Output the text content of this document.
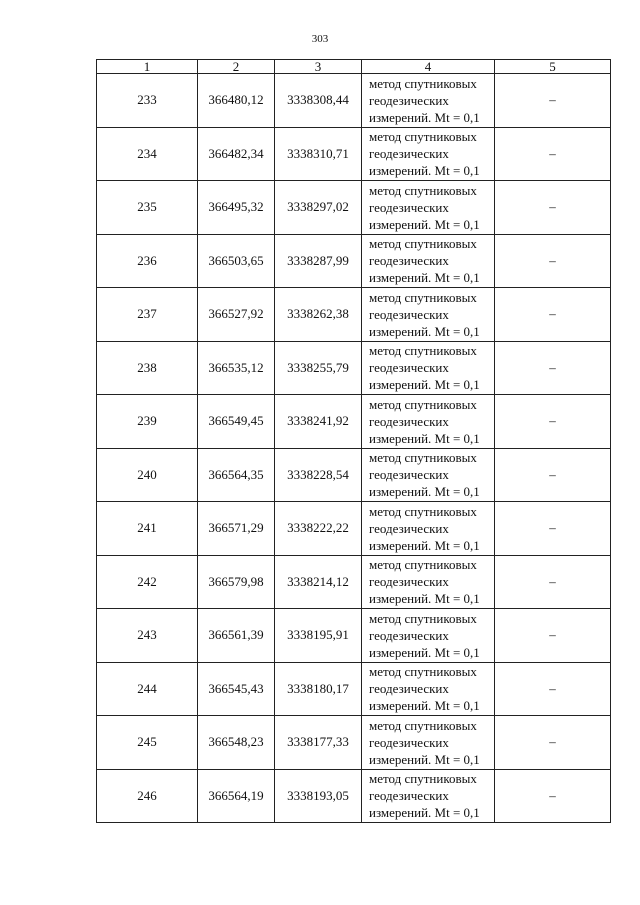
303
1	2	3	4	5
233	366480,12	3338308,44	метод спутниковых
геодезических
измерений. Mt = 0,1	–
234	366482,34	3338310,71	метод спутниковых
геодезических
измерений. Mt = 0,1	–
235	366495,32	3338297,02	метод спутниковых
геодезических
измерений. Mt = 0,1	–
236	366503,65	3338287,99	метод спутниковых
геодезических
измерений. Mt = 0,1	–
237	366527,92	3338262,38	метод спутниковых
геодезических
измерений. Mt = 0,1	–
238	366535,12	3338255,79	метод спутниковых
геодезических
измерений. Mt = 0,1	–
239	366549,45	3338241,92	метод спутниковых
геодезических
измерений. Mt = 0,1	–
240	366564,35	3338228,54	метод спутниковых
геодезических
измерений. Mt = 0,1	–
241	366571,29	3338222,22	метод спутниковых
геодезических
измерений. Mt = 0,1	–
242	366579,98	3338214,12	метод спутниковых
геодезических
измерений. Mt = 0,1	–
243	366561,39	3338195,91	метод спутниковых
геодезических
измерений. Mt = 0,1	–
244	366545,43	3338180,17	метод спутниковых
геодезических
измерений. Mt = 0,1	–
245	366548,23	3338177,33	метод спутниковых
геодезических
измерений. Mt = 0,1	–
246	366564,19	3338193,05	метод спутниковых
геодезических
измерений. Mt = 0,1	–
